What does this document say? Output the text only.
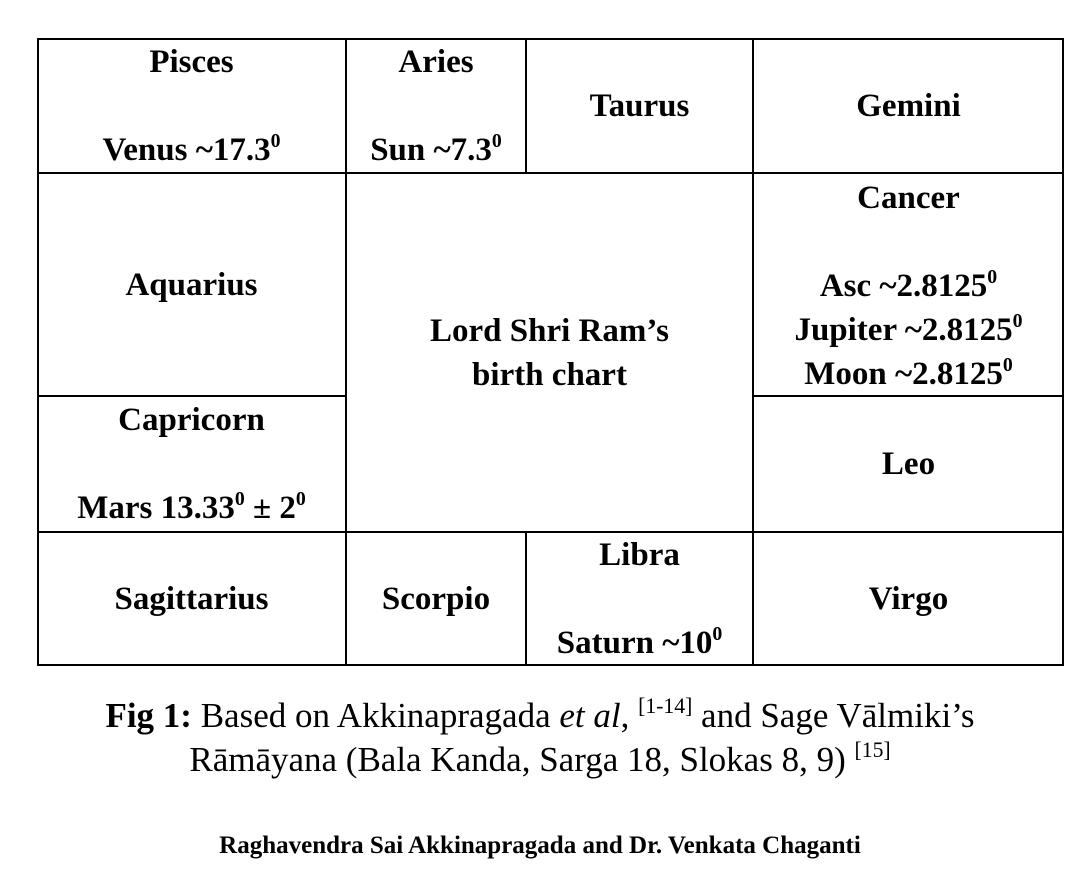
Pisces
Venus ~17.3$^0$
Aries
Sun $\sim 7.3^0$
Taurus	Gemini
Aquarius
Capricorn
Mars $13.33^0 \pm 2^0$
Lord Shri Ram’s
birth chart
Cancer
Asc ~2.8125$^0$
Jupiter ~2.8125$^0$
Moon ~2.8125$^0$
Leo
Sagittarius	Scorpio
Libra
Saturn $\sim 10^0$
Virgo
Fig 1: Based on Akkinapragada et al, [1-14] and Sage Vālmiki’s
Rāmāyana (Bala Kanda, Sarga 18, Slokas 8, 9) [15]
Raghavendra Sai Akkinapragada and Dr. Venkata Chaganti
